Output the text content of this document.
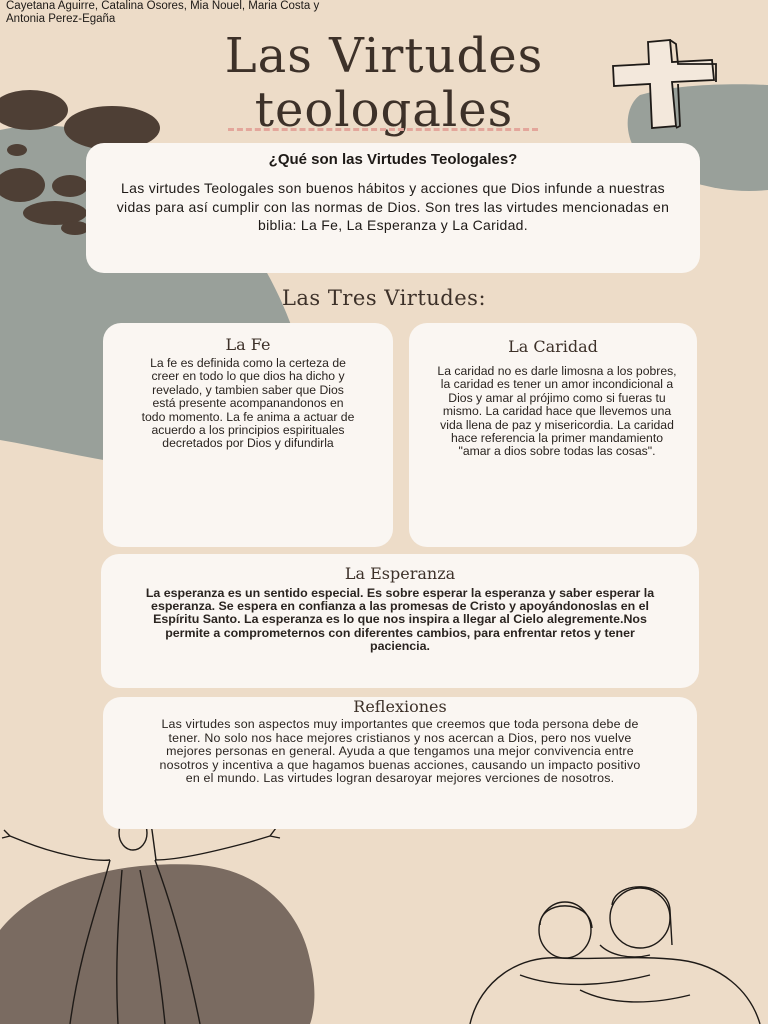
Cayetana Aguirre, Catalina Osores, Mia Nouel, Maria Costa y Antonia Perez-Egaña
Las Virtudes
teologales
¿Qué son las Virtudes Teologales?
Las virtudes Teologales son buenos hábitos y acciones que Dios infunde a nuestras vidas para así cumplir con las normas de Dios. Son tres las virtudes mencionadas en biblia: La Fe, La Esperanza y La Caridad.
Las Tres Virtudes:
La Fe
La fe es definida como la certeza de creer en todo lo que dios ha dicho y revelado, y tambien saber que Dios está presente acompanandonos en todo momento. La fe anima a actuar de acuerdo a los principios espirituales decretados por Dios y difundirla
La Caridad
La caridad no es darle limosna a los pobres, la caridad es tener un amor incondicional a Dios y amar al prójimo como si fueras tu mismo. La caridad hace que llevemos una vida llena de paz y misericordia. La caridad hace referencia la primer mandamiento "amar a dios sobre todas las cosas".
La Esperanza
La esperanza es un sentido especial. Es sobre esperar la esperanza y saber esperar la esperanza. Se espera en confianza a las promesas de Cristo y apoyándonoslas en el Espíritu Santo. La esperanza es lo que nos inspira a llegar al Cielo alegremente.Nos permite a comprometernos con diferentes cambios, para enfrentar retos y tener paciencia.
Reflexiones
Las virtudes son aspectos muy importantes que creemos que toda persona debe de tener. No solo nos hace mejores cristianos y nos acercan a Dios, pero nos vuelve mejores personas en general. Ayuda a que tengamos una mejor convivencia entre nosotros y incentiva a que hagamos buenas acciones, causando un impacto positivo en el mundo. Las virtudes logran desaroyar mejores verciones de nosotros.
